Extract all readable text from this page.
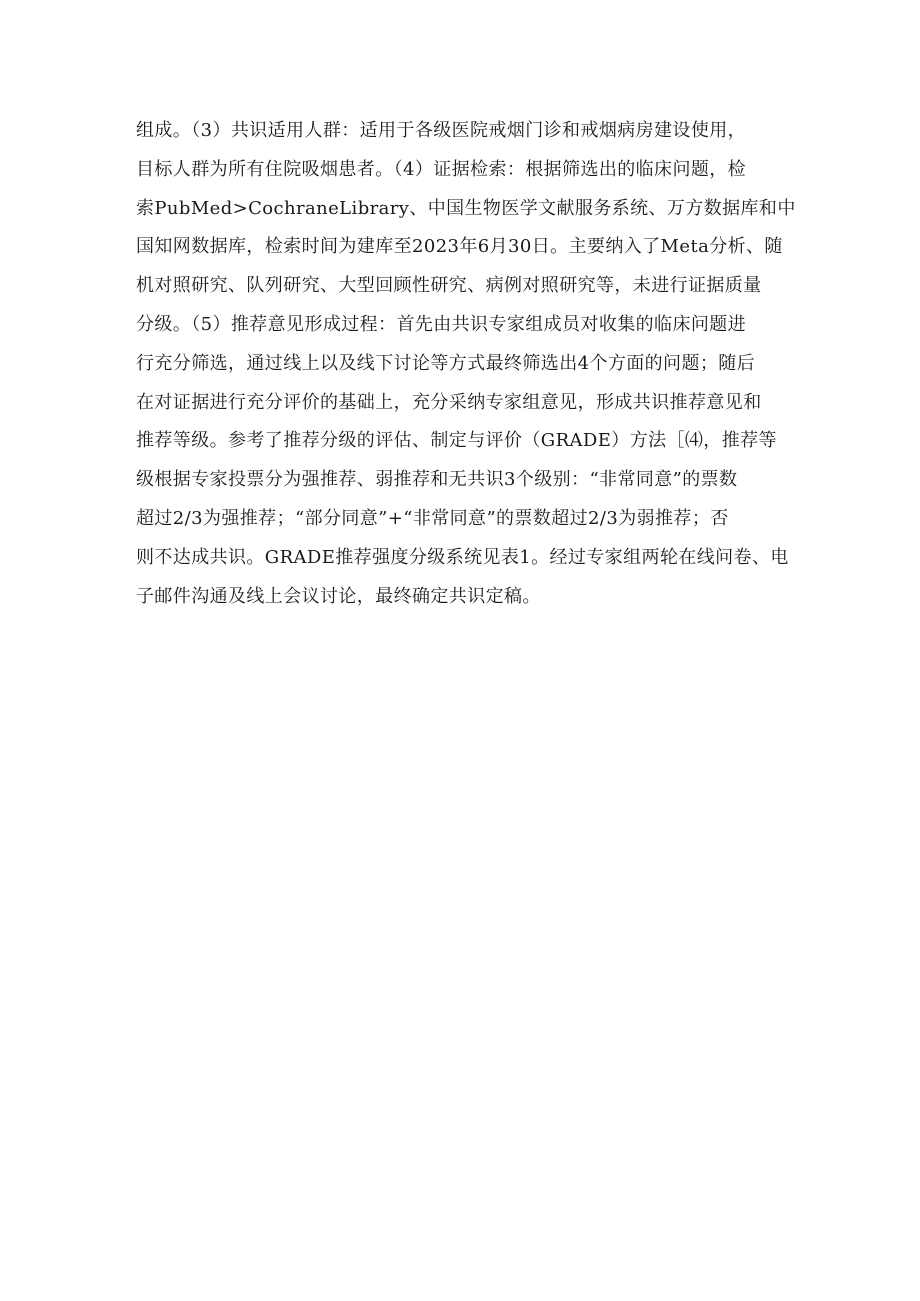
组成。（3）共识适用人群：适用于各级医院戒烟门诊和戒烟病房建设使用，
目标人群为所有住院吸烟患者。（4）证据检索：根据筛选出的临床问题，检
索PubMed>CochraneLibrary、中国生物医学文献服务系统、万方数据库和中
国知网数据库，检索时间为建库至2023年6月30日。主要纳入了Meta分析、随
机对照研究、队列研究、大型回顾性研究、病例对照研究等，未进行证据质量
分级。（5）推荐意见形成过程：首先由共识专家组成员对收集的临床问题进
行充分筛选，通过线上以及线下讨论等方式最终筛选出4个方面的问题；随后
在对证据进行充分评价的基础上，充分采纳专家组意见，形成共识推荐意见和
推荐等级。参考了推荐分级的评估、制定与评价（GRADE）方法［⑷，推荐等
级根据专家投票分为强推荐、弱推荐和无共识3个级别：“非常同意”的票数
超过2/3为强推荐；“部分同意”+“非常同意”的票数超过2/3为弱推荐；否
则不达成共识。GRADE推荐强度分级系统见表1。经过专家组两轮在线问卷、电
子邮件沟通及线上会议讨论，最终确定共识定稿。
